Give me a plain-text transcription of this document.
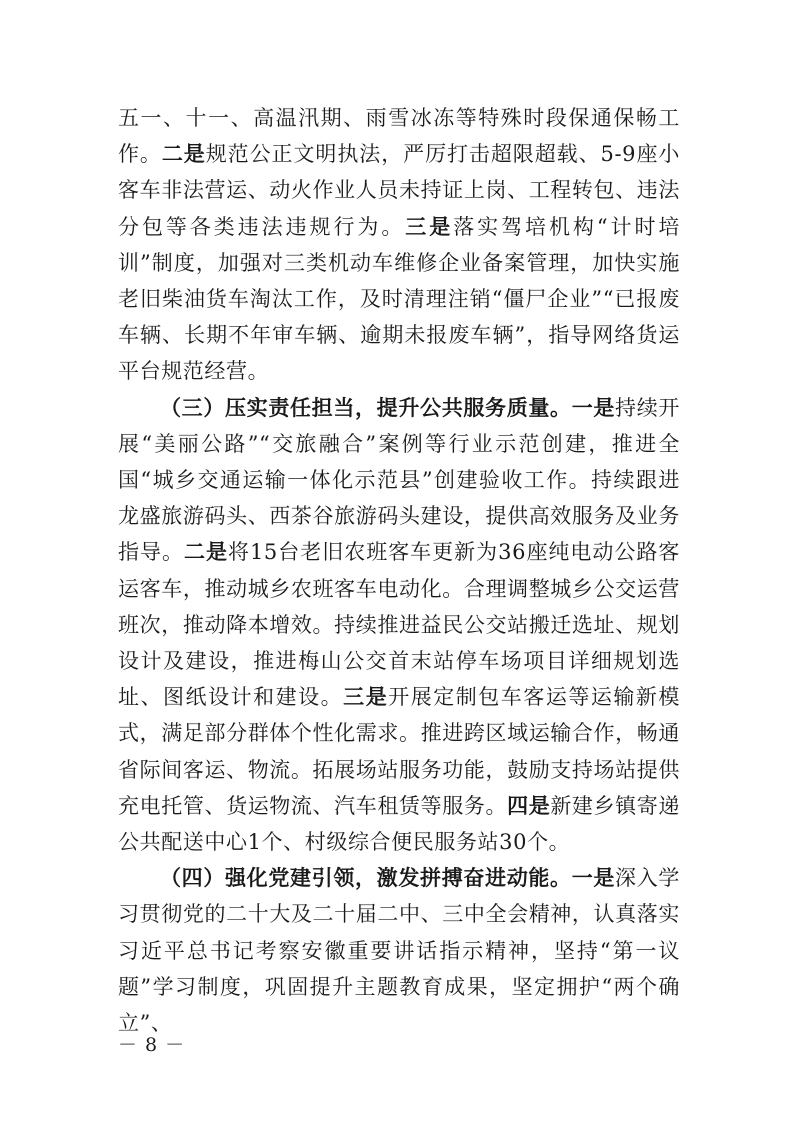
五一、十一、高温汛期、雨雪冰冻等特殊时段保通保畅工作。二是规范公正文明执法，严厉打击超限超载、5-9座小客车非法营运、动火作业人员未持证上岗、工程转包、违法分包等各类违法违规行为。三是落实驾培机构“计时培训”制度，加强对三类机动车维修企业备案管理，加快实施老旧柴油货车淘汰工作，及时清理注销“僵尸企业”“已报废车辆、长期不年审车辆、逾期未报废车辆”，指导网络货运平台规范经营。

（三）压实责任担当，提升公共服务质量。一是持续开展“美丽公路”“交旅融合”案例等行业示范创建，推进全国“城乡交通运输一体化示范县”创建验收工作。持续跟进龙盛旅游码头、西茶谷旅游码头建设，提供高效服务及业务指导。二是将15台老旧农班客车更新为36座纯电动公路客运客车，推动城乡农班客车电动化。合理调整城乡公交运营班次，推动降本增效。持续推进益民公交站搬迁选址、规划设计及建设，推进梅山公交首末站停车场项目详细规划选址、图纸设计和建设。三是开展定制包车客运等运输新模式，满足部分群体个性化需求。推进跨区域运输合作，畅通省际间客运、物流。拓展场站服务功能，鼓励支持场站提供充电托管、货运物流、汽车租赁等服务。四是新建乡镇寄递公共配送中心1个、村级综合便民服务站30个。

（四）强化党建引领，激发拼搏奋进动能。一是深入学习贯彻党的二十大及二十届二中、三中全会精神，认真落实习近平总书记考察安徽重要讲话指示精神，坚持“第一议题”学习制度，巩固提升主题教育成果，坚定拥护“两个确立”、

－ 8 －
